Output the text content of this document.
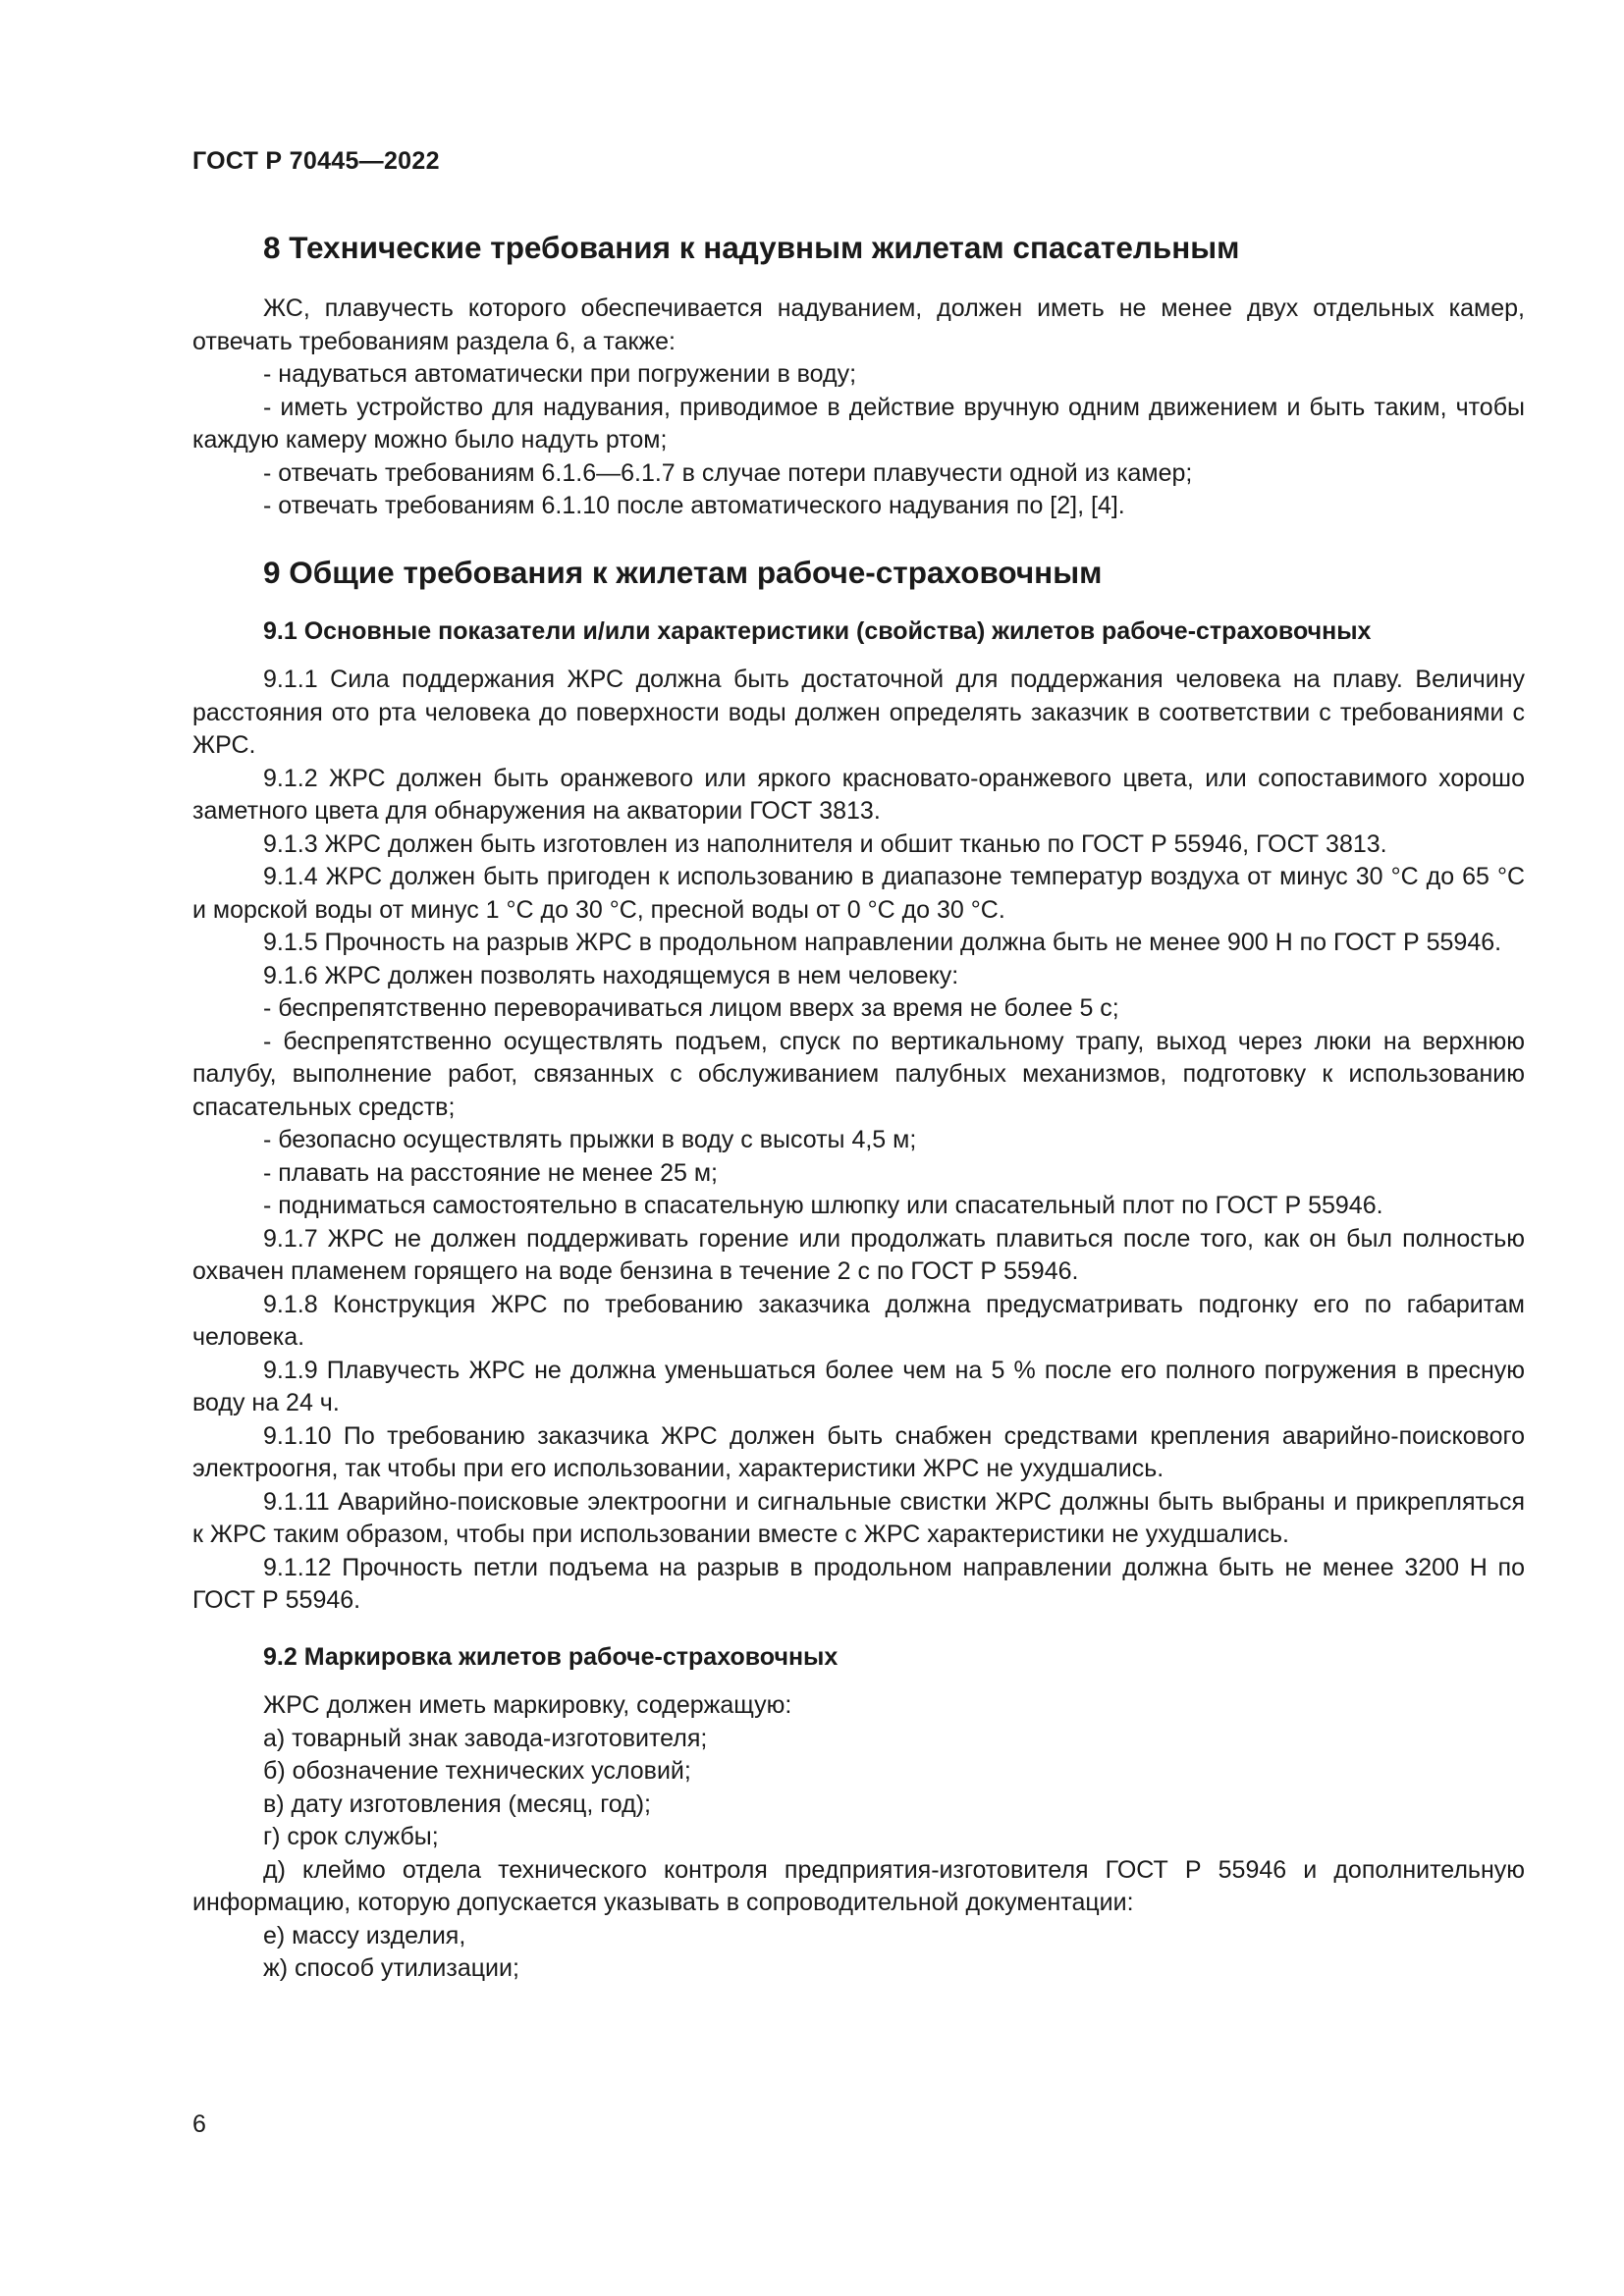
ГОСТ Р 70445—2022
8 Технические требования к надувным жилетам спасательным

ЖС, плавучесть которого обеспечивается надуванием, должен иметь не менее двух отдельных камер, отвечать требованиям раздела 6, а также:

- надуваться автоматически при погружении в воду;

- иметь устройство для надувания, приводимое в действие вручную одним движением и быть таким, чтобы каждую камеру можно было надуть ртом;

- отвечать требованиям 6.1.6—6.1.7 в случае потери плавучести одной из камер;

- отвечать требованиям 6.1.10 после автоматического надувания по [2], [4].

9 Общие требования к жилетам рабоче-страховочным
9.1 Основные показатели и/или характеристики (свойства) жилетов рабоче-страховочных

9.1.1 Сила поддержания ЖРС должна быть достаточной для поддержания человека на плаву. Величину расстояния ото рта человека до поверхности воды должен определять заказчик в соответствии с требованиями с ЖРС.

9.1.2 ЖРС должен быть оранжевого или яркого красновато-оранжевого цвета, или сопоставимого хорошо заметного цвета для обнаружения на акватории ГОСТ 3813.

9.1.3 ЖРС должен быть изготовлен из наполнителя и обшит тканью по ГОСТ Р 55946, ГОСТ 3813.

9.1.4 ЖРС должен быть пригоден к использованию в диапазоне температур воздуха от минус 30 °С до 65 °С и морской воды от минус 1 °С до 30 °С, пресной воды от 0 °С до 30 °С.

9.1.5 Прочность на разрыв ЖРС в продольном направлении должна быть не менее 900 Н по ГОСТ Р 55946.

9.1.6 ЖРС должен позволять находящемуся в нем человеку:

- беспрепятственно переворачиваться лицом вверх за время не более 5 с;

- беспрепятственно осуществлять подъем, спуск по вертикальному трапу, выход через люки на верхнюю палубу, выполнение работ, связанных с обслуживанием палубных механизмов, подготовку к использованию спасательных средств;

- безопасно осуществлять прыжки в воду с высоты 4,5 м;

- плавать на расстояние не менее 25 м;

- подниматься самостоятельно в спасательную шлюпку или спасательный плот по ГОСТ Р 55946.

9.1.7 ЖРС не должен поддерживать горение или продолжать плавиться после того, как он был полностью охвачен пламенем горящего на воде бензина в течение 2 с по ГОСТ Р 55946.

9.1.8 Конструкция ЖРС по требованию заказчика должна предусматривать подгонку его по габаритам человека.

9.1.9 Плавучесть ЖРС не должна уменьшаться более чем на 5 % после его полного погружения в пресную воду на 24 ч.

9.1.10 По требованию заказчика ЖРС должен быть снабжен средствами крепления аварийно-поискового электроогня, так чтобы при его использовании, характеристики ЖРС не ухудшались.

9.1.11 Аварийно-поисковые электроогни и сигнальные свистки ЖРС должны быть выбраны и прикрепляться к ЖРС таким образом, чтобы при использовании вместе с ЖРС характеристики не ухудшались.

9.1.12 Прочность петли подъема на разрыв в продольном направлении должна быть не менее 3200 Н по ГОСТ Р 55946.

9.2 Маркировка жилетов рабоче-страховочных

ЖРС должен иметь маркировку, содержащую:

а) товарный знак завода-изготовителя;

б) обозначение технических условий;

в) дату изготовления (месяц, год);

г) срок службы;

д) клеймо отдела технического контроля предприятия-изготовителя ГОСТ Р 55946 и дополнительную информацию, которую допускается указывать в сопроводительной документации:

е) массу изделия,

ж) способ утилизации;

6
